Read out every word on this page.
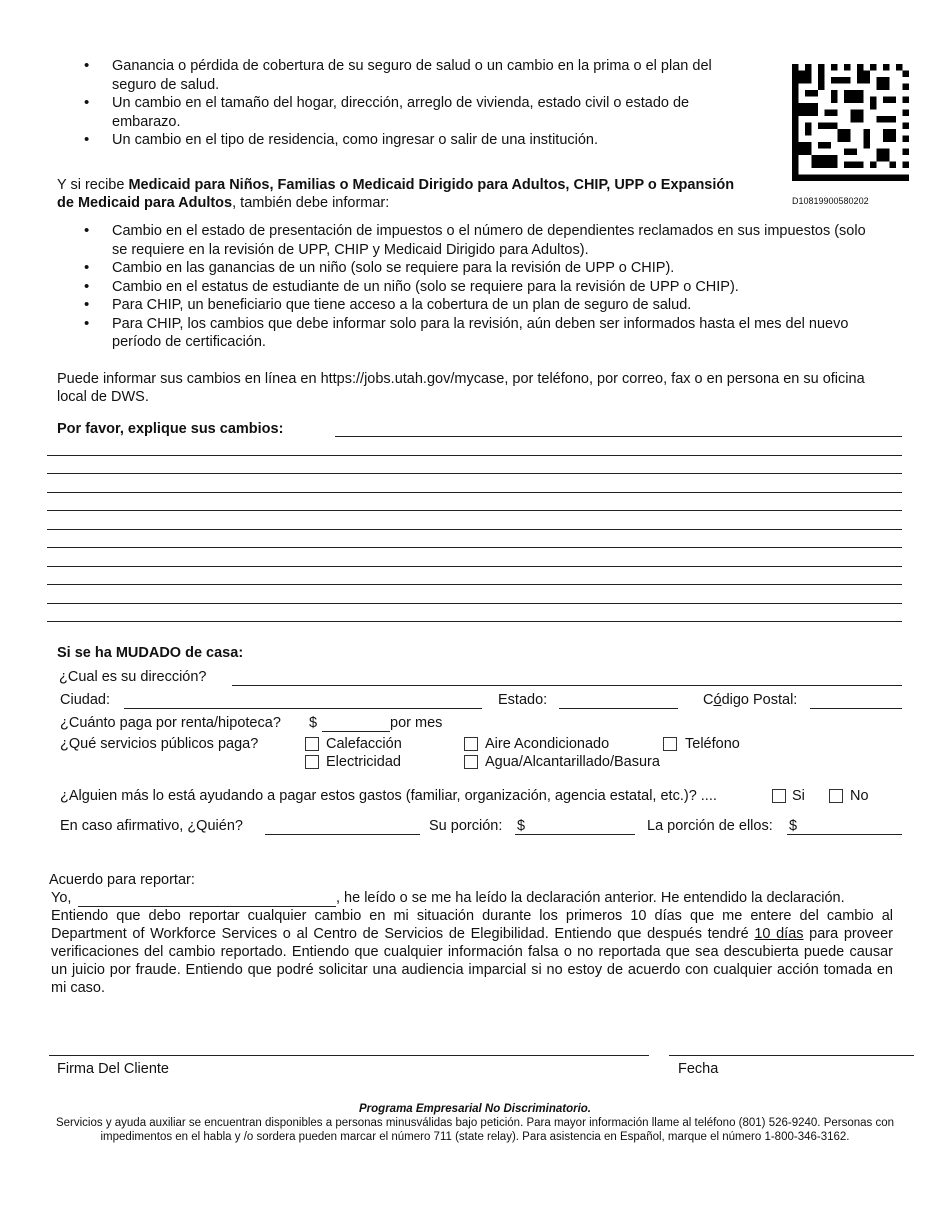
• Ganancia o pérdida de cobertura de su seguro de salud o un cambio en la prima o el plan del seguro de salud.
• Un cambio en el tamaño del hogar, dirección, arreglo de vivienda, estado civil o estado de embarazo.
• Un cambio en el tipo de residencia, como ingresar o salir de una institución.
D10819900580202
Y si recibe Medicaid para Niños, Familias o Medicaid Dirigido para Adultos, CHIP, UPP o Expansión de Medicaid para Adultos, también debe informar:
• Cambio en el estado de presentación de impuestos o el número de dependientes reclamados en sus impuestos (solo se requiere en la revisión de UPP, CHIP y Medicaid Dirigido para Adultos).
• Cambio en las ganancias de un niño (solo se requiere para la revisión de UPP o CHIP).
• Cambio en el estatus de estudiante de un niño (solo se requiere para la revisión de UPP o CHIP).
• Para CHIP, un beneficiario que tiene acceso a la cobertura de un plan de seguro de salud.
• Para CHIP, los cambios que debe informar solo para la revisión, aún deben ser informados hasta el mes del nuevo período de certificación.
Puede informar sus cambios en línea en https://jobs.utah.gov/mycase, por teléfono, por correo, fax o en persona en su oficina local de DWS.
Por favor, explique sus cambios:
Si se ha MUDADO de casa:
¿Cual es su dirección?
Ciudad:	Estado:	Código Postal:
¿Cuánto paga por renta/hipoteca? $	por mes
¿Qué servicios públicos paga?	Calefacción	Aire Acondicionado	Teléfono
Electricidad	Agua/Alcantarillado/Basura
¿Alguien más lo está ayudando a pagar estos gastos (familiar, organización, agencia estatal, etc.)? ....	Si	No
En caso afirmativo, ¿Quién?	Su porción: $	La porción de ellos: $
Acuerdo para reportar:
Yo,	, he leído o se me ha leído la declaración anterior. He entendido la declaración.
Entiendo que debo reportar cualquier cambio en mi situación durante los primeros 10 días que me entere del cambio al Department of Workforce Services o al Centro de Servicios de Elegibilidad. Entiendo que después tendré 10 días para proveer verificaciones del cambio reportado. Entiendo que cualquier información falsa o no reportada que sea descubierta puede causar un juicio por fraude. Entiendo que podré solicitar una audiencia imparcial si no estoy de acuerdo con cualquier acción tomada en mi caso.
Firma Del Cliente	Fecha
Programa Empresarial No Discriminatorio.
Servicios y ayuda auxiliar se encuentran disponibles a personas minusválidas bajo petición. Para mayor información llame al teléfono (801) 526-9240. Personas con impedimentos en el habla y /o sordera pueden marcar el número 711 (state relay). Para asistencia en Español, marque el número 1-800-346-3162.
